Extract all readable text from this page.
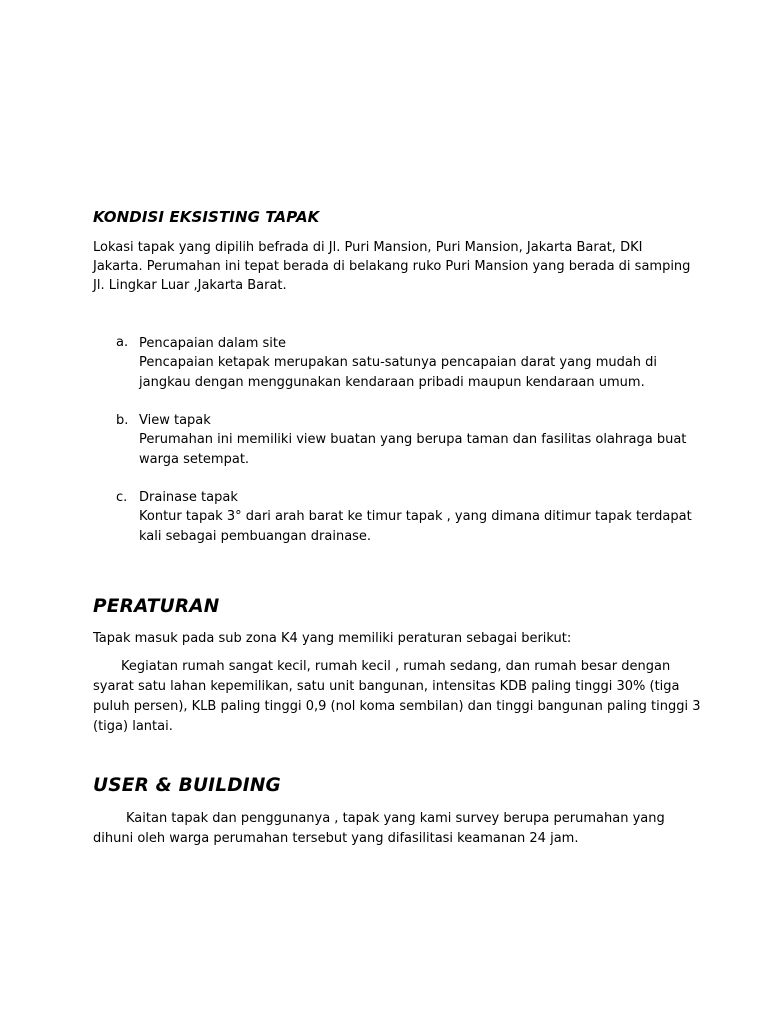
KONDISI EKSISTING TAPAK

Lokasi tapak yang dipilih befrada di Jl. Puri Mansion, Puri Mansion, Jakarta Barat, DKI

Jakarta. Perumahan ini tepat berada di belakang ruko Puri Mansion yang berada di samping

Jl. Lingkar Luar ,Jakarta Barat.

a. Pencapaian dalam site

Pencapaian ketapak merupakan satu-satunya pencapaian darat yang mudah di

jangkau dengan menggunakan kendaraan pribadi maupun kendaraan umum.

b. View tapak

Perumahan ini memiliki view buatan yang berupa taman dan fasilitas olahraga buat

warga setempat.

c. Drainase tapak

Kontur tapak 3° dari arah barat ke timur tapak , yang dimana ditimur tapak terdapat

kali sebagai pembuangan drainase.

PERATURAN

Tapak masuk pada sub zona K4 yang memiliki peraturan sebagai berikut:

Kegiatan rumah sangat kecil, rumah kecil , rumah sedang, dan rumah besar dengan

syarat satu lahan kepemilikan, satu unit bangunan, intensitas KDB paling tinggi 30% (tiga

puluh persen), KLB paling tinggi 0,9 (nol koma sembilan) dan tinggi bangunan paling tinggi 3

(tiga) lantai.

USER & BUILDING

Kaitan tapak dan penggunanya , tapak yang kami survey berupa perumahan yang

dihuni oleh warga perumahan tersebut yang difasilitasi keamanan 24 jam.
